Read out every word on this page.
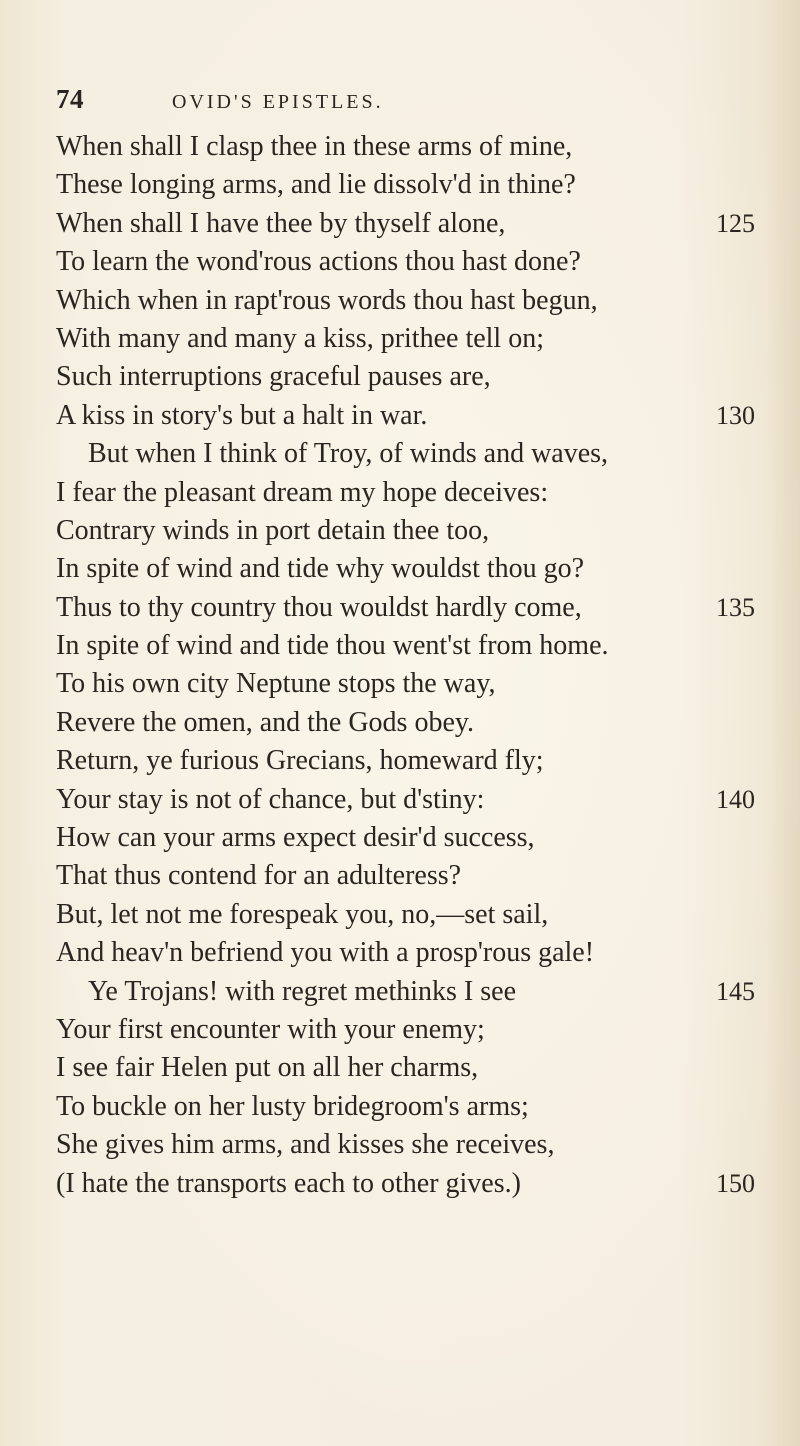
74	OVID'S EPISTLES.
When shall I clasp thee in these arms of mine,
These longing arms, and lie dissolv'd in thine?
When shall I have thee by thyself alone,	125
To learn the wond'rous actions thou hast done?
Which when in rapt'rous words thou hast begun,
With many and many a kiss, prithee tell on;
Such interruptions graceful pauses are,
A kiss in story's but a halt in war.	130
But when I think of Troy, of winds and waves,
I fear the pleasant dream my hope deceives:
Contrary winds in port detain thee too,
In spite of wind and tide why wouldst thou go?
Thus to thy country thou wouldst hardly come,	135
In spite of wind and tide thou went'st from home.
To his own city Neptune stops the way,
Revere the omen, and the Gods obey.
Return, ye furious Grecians, homeward fly;
Your stay is not of chance, but d'stiny:	140
How can your arms expect desir'd success,
That thus contend for an adulteress?
But, let not me forespeak you, no,—set sail,
And heav'n befriend you with a prosp'rous gale!
Ye Trojans! with regret methinks I see	145
Your first encounter with your enemy;
I see fair Helen put on all her charms,
To buckle on her lusty bridegroom's arms;
She gives him arms, and kisses she receives,
(I hate the transports each to other gives.)	150
